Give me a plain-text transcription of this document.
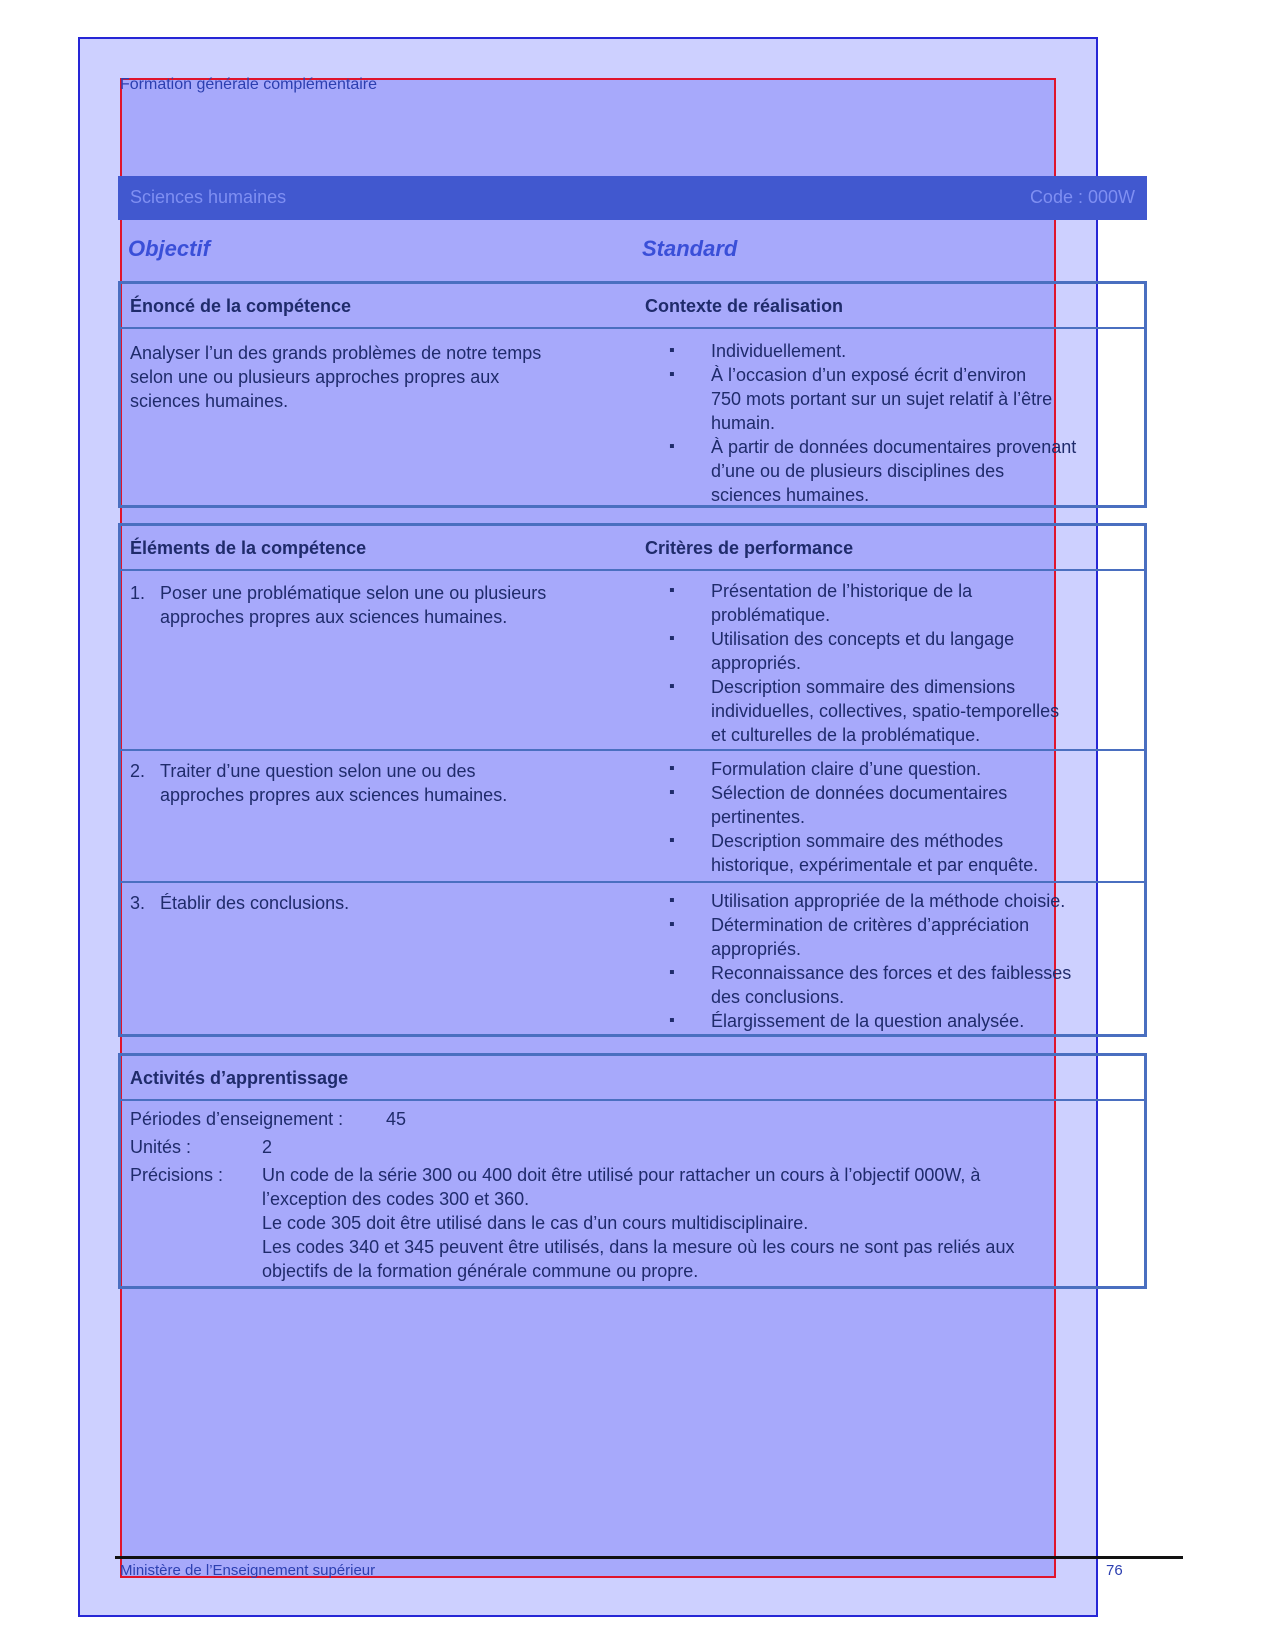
Formation générale complémentaire
Sciences humaines	Code : 000W
Objectif	Standard
Énoncé de la compétence	Contexte de réalisation
Analyser l’un des grands problèmes de notre temps
selon une ou plusieurs approches propres aux
sciences humaines.
▪ Individuellement.
▪ À l’occasion d’un exposé écrit d’environ
750 mots portant sur un sujet relatif à l’être
humain.
▪ À partir de données documentaires provenant
d’une ou de plusieurs disciplines des
sciences humaines.
Éléments de la compétence	Critères de performance
1. Poser une problématique selon une ou plusieurs
approches propres aux sciences humaines.
▪ Présentation de l’historique de la
problématique.
▪ Utilisation des concepts et du langage
appropriés.
▪ Description sommaire des dimensions
individuelles, collectives, spatio-temporelles
et culturelles de la problématique.
2. Traiter d’une question selon une ou des
approches propres aux sciences humaines.
▪ Formulation claire d’une question.
▪ Sélection de données documentaires
pertinentes.
▪ Description sommaire des méthodes
historique, expérimentale et par enquête.
3. Établir des conclusions.	▪ Utilisation appropriée de la méthode choisie.
▪ Détermination de critères d’appréciation
appropriés.
▪ Reconnaissance des forces et des faiblesses
des conclusions.
▪ Élargissement de la question analysée.
Activités d’apprentissage
Périodes d’enseignement : 45
Unités :	2
Précisions : Un code de la série 300 ou 400 doit être utilisé pour rattacher un cours à l’objectif 000W, à
l’exception des codes 300 et 360.
Le code 305 doit être utilisé dans le cas d’un cours multidisciplinaire.
Les codes 340 et 345 peuvent être utilisés, dans la mesure où les cours ne sont pas reliés aux
objectifs de la formation générale commune ou propre.
Ministère de l’Enseignement supérieur	76
